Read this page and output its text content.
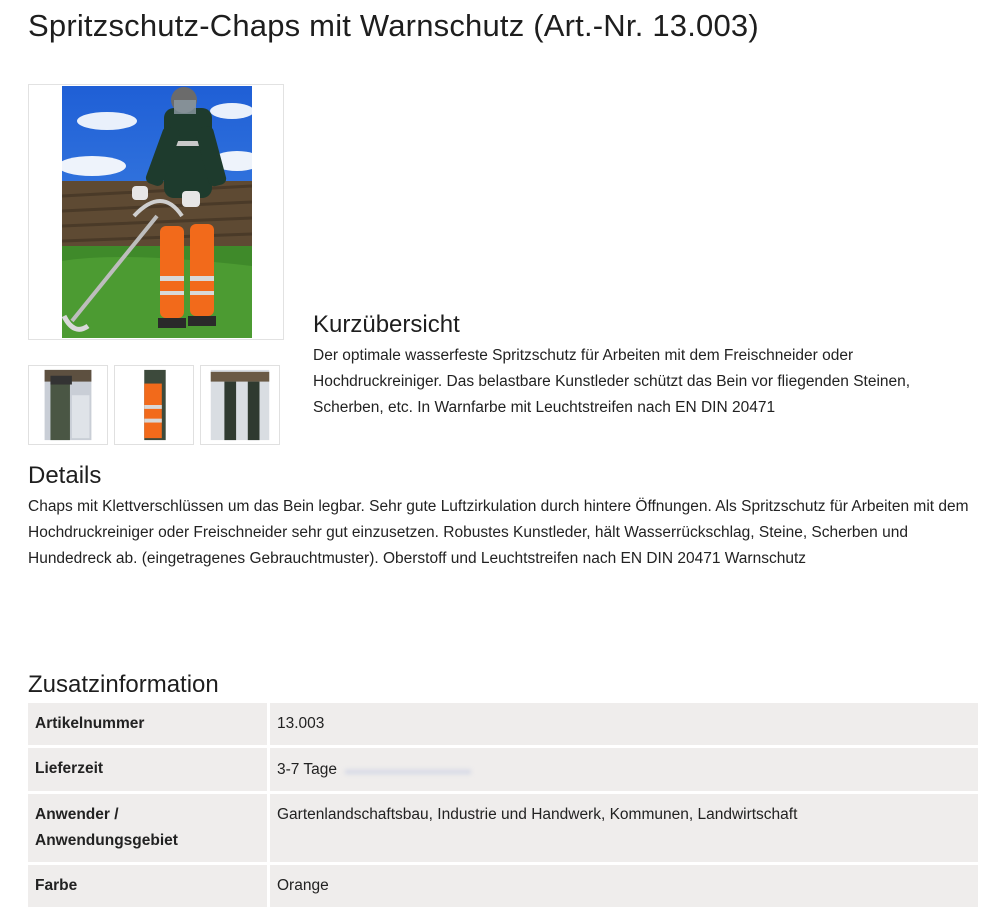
Spritzschutz-Chaps mit Warnschutz (Art.-Nr. 13.003)
Kurzübersicht

Der optimale wasserfeste Spritzschutz für Arbeiten mit dem Freischneider oder Hochdruckreiniger. Das belastbare Kunstleder schützt das Bein vor fliegenden Steinen, Scherben, etc. In Warnfarbe mit Leuchtstreifen nach EN DIN 20471

Details

Chaps mit Klettverschlüssen um das Bein legbar. Sehr gute Luftzirkulation durch hintere Öffnungen. Als Spritzschutz für Arbeiten mit dem Hochdruckreiniger oder Freischneider sehr gut einzusetzen. Robustes Kunstleder, hält Wasserrückschlag, Steine, Scherben und Hundedreck ab. (eingetragenes Gebrauchtmuster). Oberstoff und Leuchtstreifen nach EN DIN 20471 Warnschutz

Zusatzinformation
Artikelnummer	13.003
Lieferzeit	3-7 Tage ▬▬▬▬▬▬▬▬▬
Anwender / Anwendungsgebiet	Gartenlandschaftsbau, Industrie und Handwerk, Kommunen, Landwirtschaft
Farbe	Orange
